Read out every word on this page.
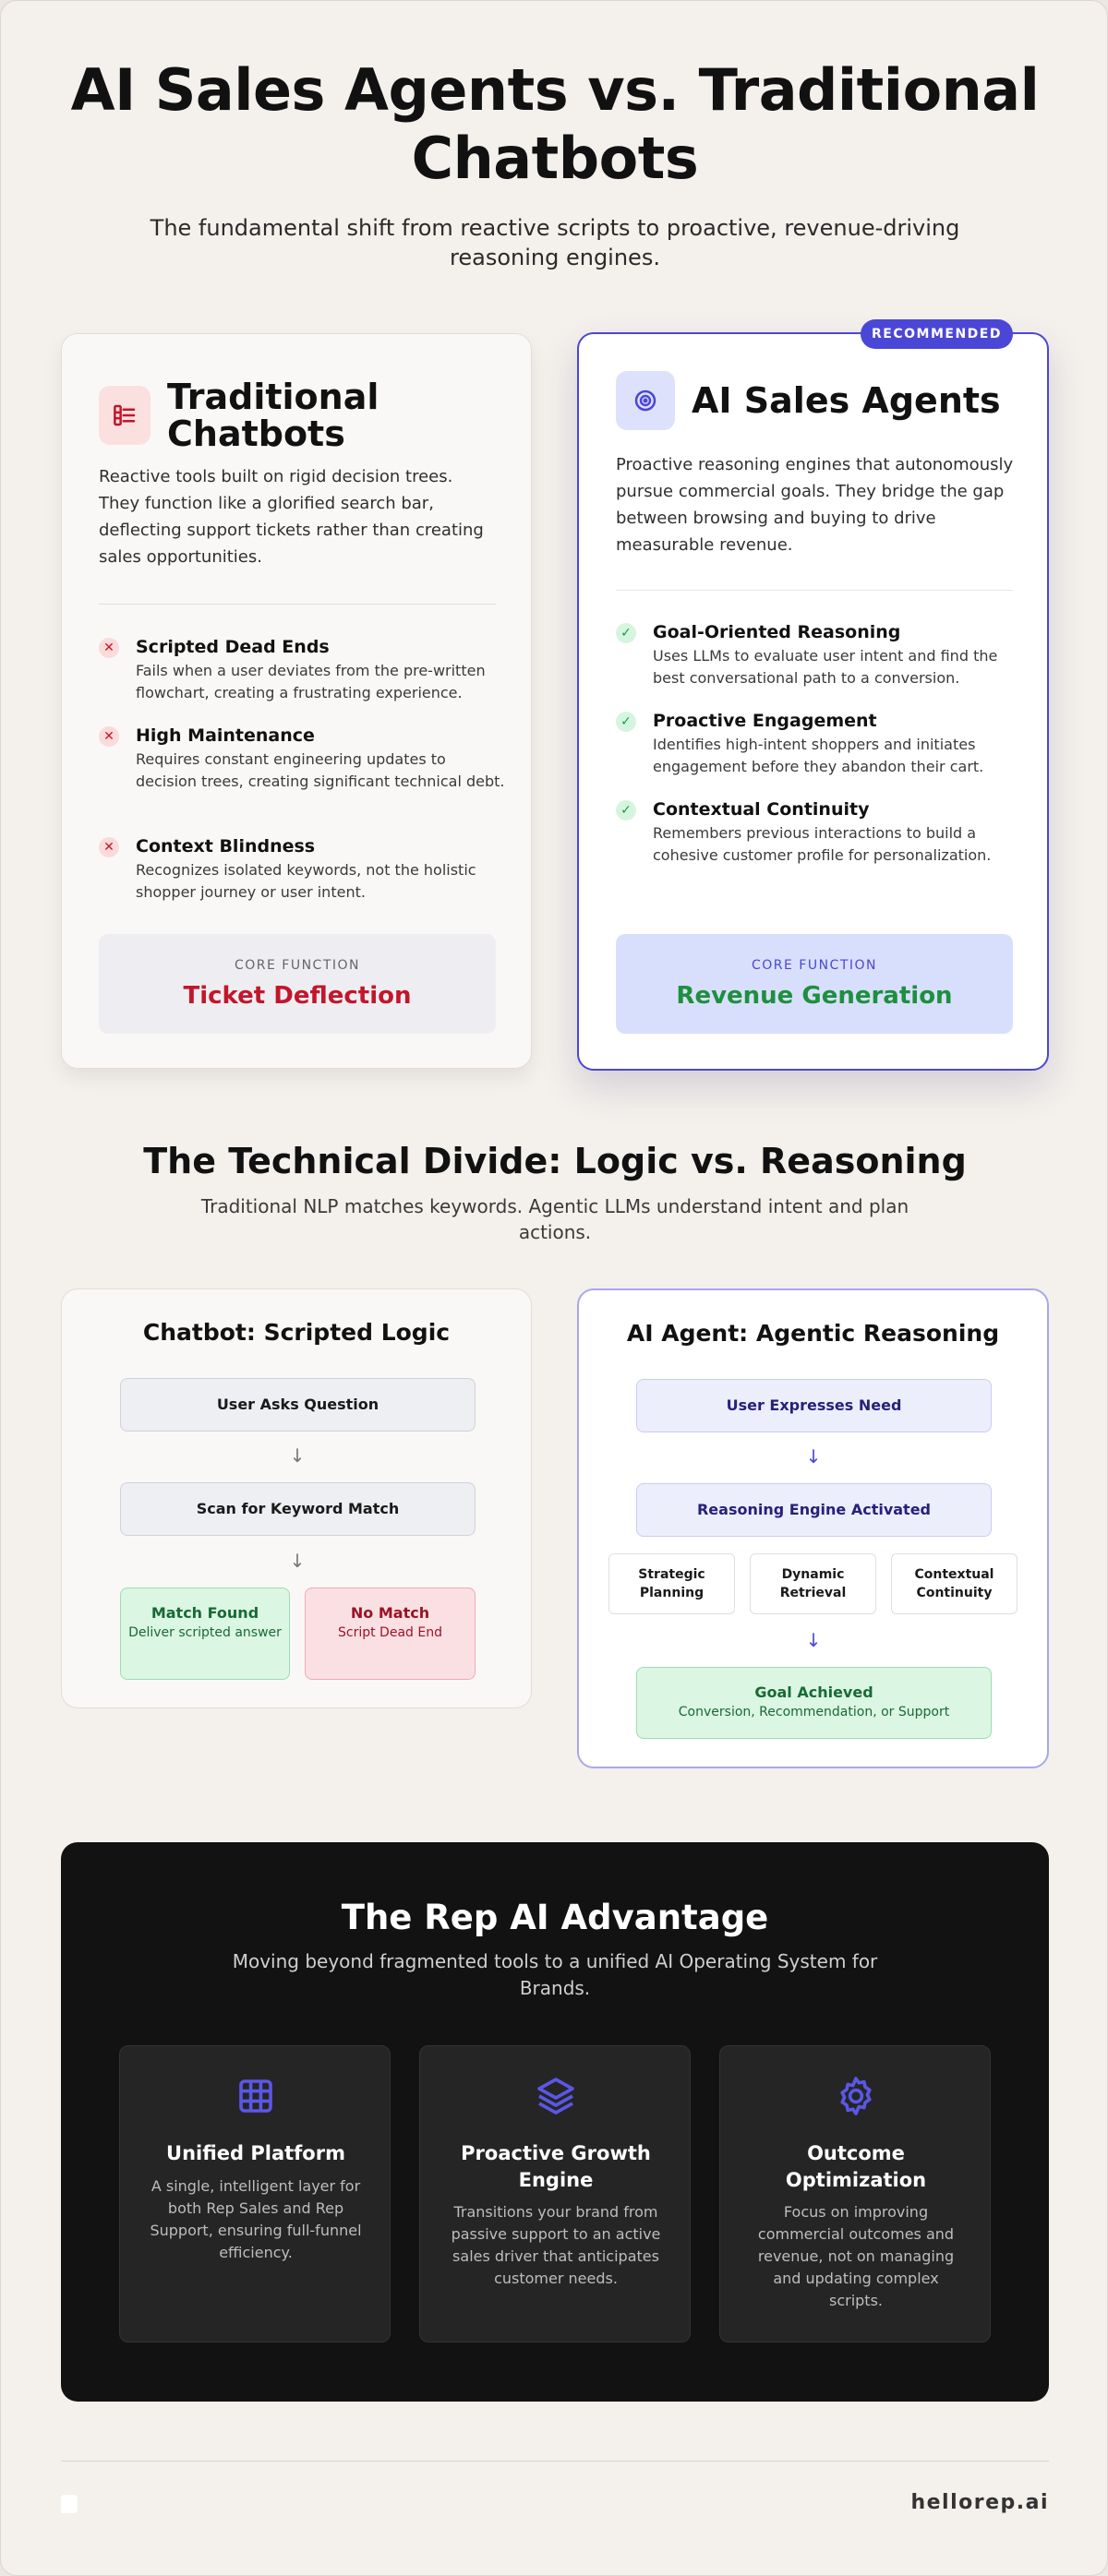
AI Sales Agents vs. Traditional Chatbots

The fundamental shift from reactive scripts to proactive, revenue-driving reasoning engines.

Traditional Chatbots
Reactive tools built on rigid decision trees. They function like a glorified search bar, deflecting support tickets rather than creating sales opportunities.
✕ Scripted Dead Ends
Fails when a user deviates from the pre-written flowchart, creating a frustrating experience.
✕ High Maintenance
Requires constant engineering updates to decision trees, creating significant technical debt.
✕ Context Blindness
Recognizes isolated keywords, not the holistic shopper journey or user intent.
CORE FUNCTION
Ticket Deflection
RECOMMENDED
AI Sales Agents
Proactive reasoning engines that autonomously pursue commercial goals. They bridge the gap between browsing and buying to drive measurable revenue.
✓ Goal-Oriented Reasoning
Uses LLMs to evaluate user intent and find the best conversational path to a conversion.
✓ Proactive Engagement
Identifies high-intent shoppers and initiates engagement before they abandon their cart.
✓ Contextual Continuity
Remembers previous interactions to build a cohesive customer profile for personalization.
CORE FUNCTION
Revenue Generation
The Technical Divide: Logic vs. Reasoning

Traditional NLP matches keywords. Agentic LLMs understand intent and plan actions.

Chatbot: Scripted Logic
User Asks Question
↓
Scan for Keyword Match
↓
Match Found
Deliver scripted answer
No Match
Script Dead End
AI Agent: Agentic Reasoning
User Expresses Need
↓
Reasoning Engine Activated
Strategic Planning
Dynamic Retrieval
Contextual Continuity
↓
Goal Achieved
Conversion, Recommendation, or Support
The Rep AI Advantage

Moving beyond fragmented tools to a unified AI Operating System for Brands.

Unified Platform
A single, intelligent layer for both Rep Sales and Rep Support, ensuring full-funnel efficiency.
Proactive Growth Engine
Transitions your brand from passive support to an active sales driver that anticipates customer needs.
Outcome Optimization
Focus on improving commercial outcomes and revenue, not on managing and updating complex scripts.
hellorep.ai
